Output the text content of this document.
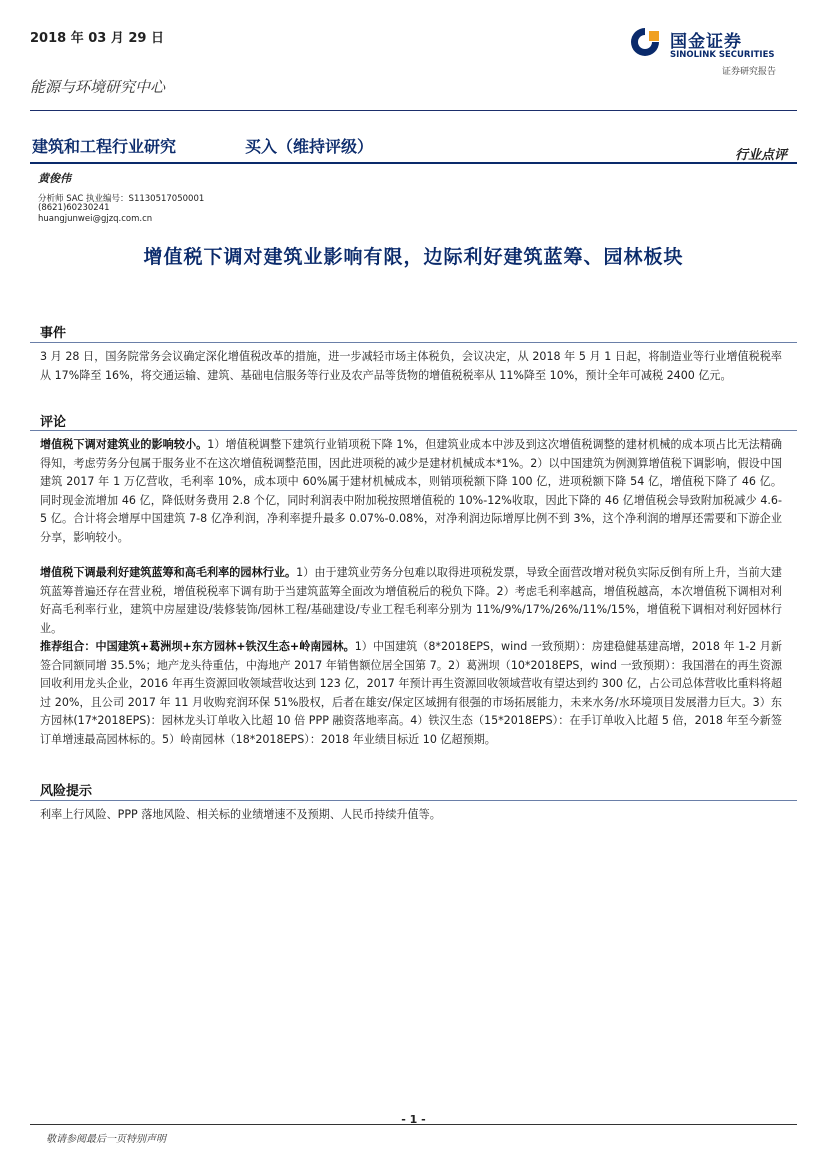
2018 年 03 月 29 日	国金证券
SINOLINK SECURITIES
证券研究报告
能源与环境研究中心
建筑和工程行业研究	买入（维持评级）	行业点评
黄俊伟
分析师 SAC 执业编号：S1130517050001
(8621)60230241
huangjunwei@gjzq.com.cn
增值税下调对建筑业影响有限，边际利好建筑蓝筹、园林板块
事件
3 月 28 日，国务院常务会议确定深化增值税改革的措施，进一步减轻市场主体税负，会议决定，从 2018 年 5 月 1 日起，将制造业等行业增值税税率从 17%降至 16%，将交通运输、建筑、基础电信服务等行业及农产品等货物的增值税税率从 11%降至 10%，预计全年可减税 2400 亿元。
评论
增值税下调对建筑业的影响较小。1）增值税调整下建筑行业销项税下降 1%，但建筑业成本中涉及到这次增值税调整的建材机械的成本项占比无法精确得知，考虑劳务分包属于服务业不在这次增值税调整范围，因此进项税的减少是建材机械成本*1%。2）以中国建筑为例测算增值税下调影响，假设中国建筑 2017 年 1 万亿营收，毛利率 10%，成本项中 60%属于建材机械成本，则销项税额下降 100 亿，进项税额下降 54 亿，增值税下降了 46 亿。同时现金流增加 46 亿，降低财务费用 2.8 个亿，同时利润表中附加税按照增值税的 10%-12%收取，因此下降的 46 亿增值税会导致附加税减少 4.6-5 亿。合计将会增厚中国建筑 7-8 亿净利润，净利率提升最多 0.07%-0.08%，对净利润边际增厚比例不到 3%，这个净利润的增厚还需要和下游企业分享，影响较小。
增值税下调最利好建筑蓝筹和高毛利率的园林行业。1）由于建筑业劳务分包难以取得进项税发票，导致全面营改增对税负实际反倒有所上升，当前大建筑蓝筹普遍还存在营业税，增值税税率下调有助于当建筑蓝筹全面改为增值税后的税负下降。2）考虑毛利率越高，增值税越高，本次增值税下调相对利好高毛利率行业，建筑中房屋建设/装修装饰/园林工程/基础建设/专业工程毛利率分别为 11%/9%/17%/26%/11%/15%，增值税下调相对利好园林行业。
推荐组合：中国建筑+葛洲坝+东方园林+铁汉生态+岭南园林。1）中国建筑（8*2018EPS，wind 一致预期）：房建稳健基建高增，2018 年 1-2 月新签合同额同增 35.5%；地产龙头待重估，中海地产 2017 年销售额位居全国第 7。2）葛洲坝（10*2018EPS，wind 一致预期）：我国潜在的再生资源回收利用龙头企业，2016 年再生资源回收领域营收达到 123 亿，2017 年预计再生资源回收领域营收有望达到约 300 亿，占公司总体营收比重料将超过 20%，且公司 2017 年 11 月收购兖润环保 51%股权，后者在雄安/保定区域拥有很强的市场拓展能力，未来水务/水环境项目发展潜力巨大。3）东方园林(17*2018EPS)：园林龙头订单收入比超 10 倍 PPP 融资落地率高。4）铁汉生态（15*2018EPS）：在手订单收入比超 5 倍，2018 年至今新签订单增速最高园林标的。5）岭南园林（18*2018EPS）：2018 年业绩目标近 10 亿超预期。
风险提示
利率上行风险、PPP 落地风险、相关标的业绩增速不及预期、人民币持续升值等。
- 1 -
敬请参阅最后一页特别声明
